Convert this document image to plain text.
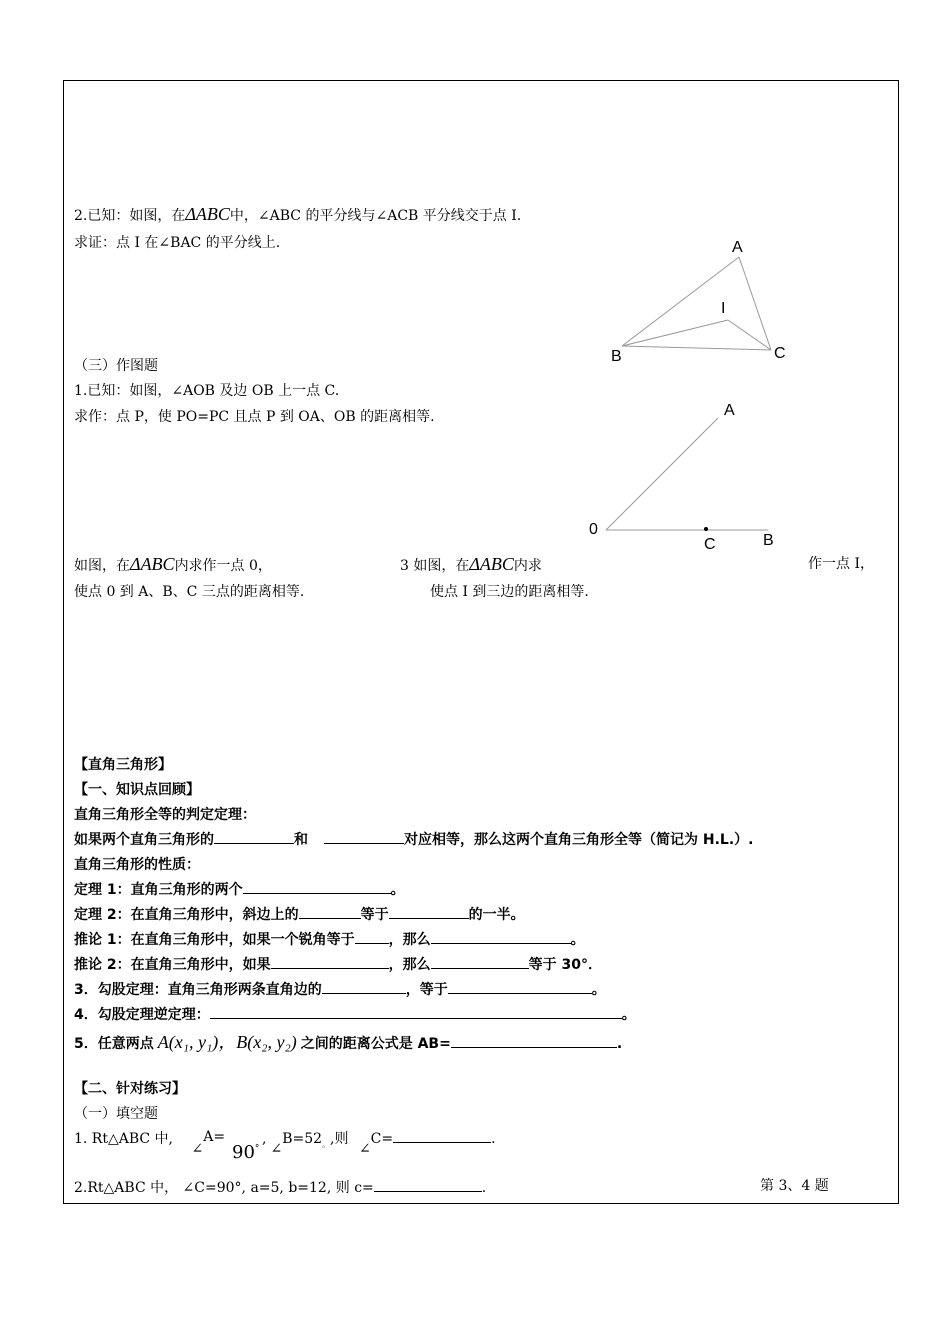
2.已知：如图，在ΔABC中，∠ABC 的平分线与∠ACB 平分线交于点 I.
求证：点 I 在∠BAC 的平分线上.	A
I
B	C
（三）作图题
1.已知：如图，∠AOB 及边 OB 上一点 C.
求作：点 P，使 PO=PC 且点 P 到 OA、OB 的距离相等.	A
0
C	B
如图，在ΔABC内求作一点 0，
使点 0 到 A、B、C 三点的距离相等.
3 如图，在ΔABC内求	作一点 I，
使点 I 到三边的距离相等.
【直角三角形】
【一、知识点回顾】
直角三角形全等的判定定理：
如果两个直角三角形的	和	对应相等，那么这两个直角三角形全等（简记为 H.L.）.
直角三角形的性质：
定理 1：直角三角形的两个	。
定理 2：在直角三角形中，斜边上的	等于	的一半。
推论 1：在直角三角形中，如果一个锐角等于 ，那么	。
推论 2：在直角三角形中，如果	，那么	等于 30°．
3．勾股定理：直角三角形两条直角边的	，等于	。
4．勾股定理逆定理：	。
5．任意两点 A(x₁, y₁)，B(x₂, y₂) 之间的距离公式是 AB=	.
【二、针对练习】
（一）填空题
1. Rt△ABC 中, ∠A=
90°
$,\angle B=52_。$,则 ∠C=	.
2.Rt△ABC 中， ∠C=90°, a=5, b=12, 则 c=	.	第 3、4 题
